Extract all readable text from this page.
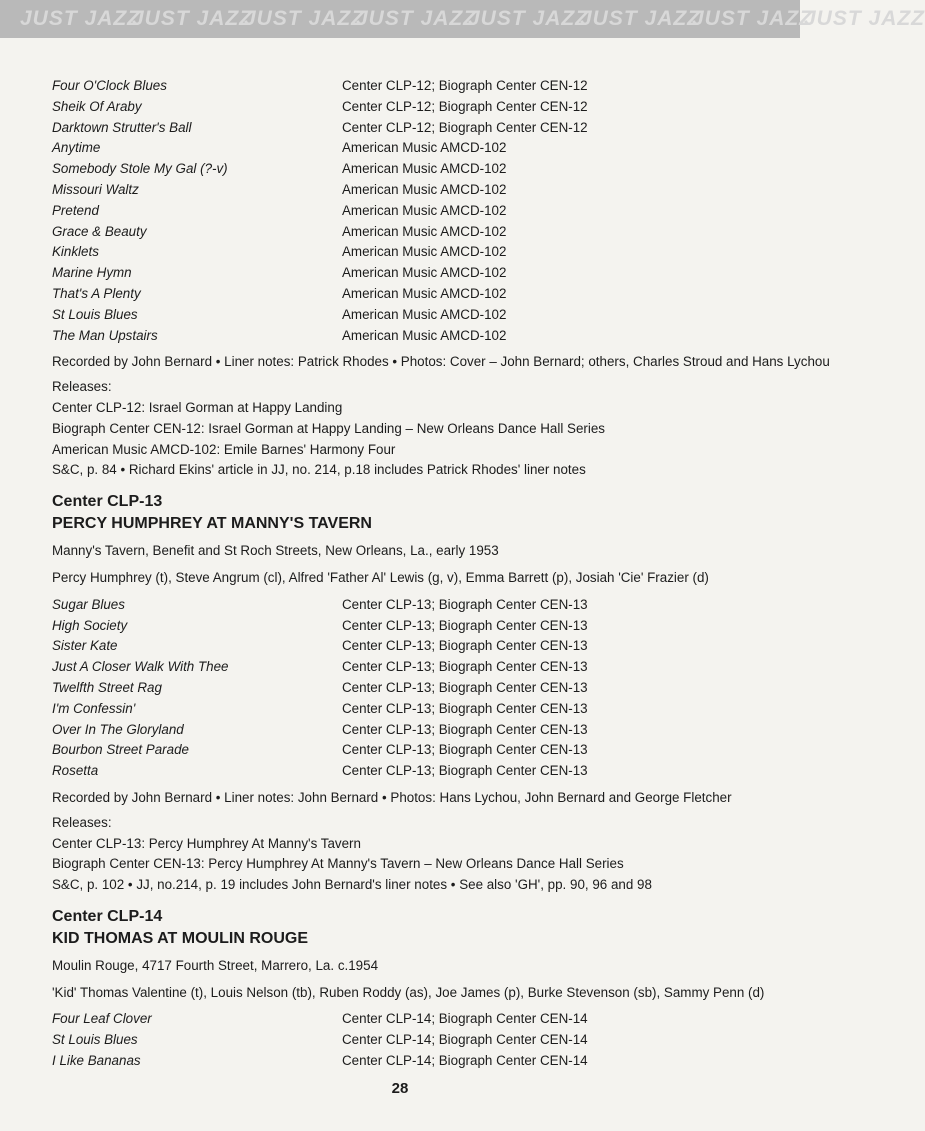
JUST JAZZJUST JAZZJUST JAZZJUST JAZZJUST JAZZJUST JAZZJUST JAZZJUST JAZZ
Four O'Clock Blues	Center CLP-12; Biograph Center CEN-12
Sheik Of Araby	Center CLP-12; Biograph Center CEN-12
Darktown Strutter's Ball	Center CLP-12; Biograph Center CEN-12
Anytime	American Music AMCD-102
Somebody Stole My Gal (?-v)	American Music AMCD-102
Missouri Waltz	American Music AMCD-102
Pretend	American Music AMCD-102
Grace & Beauty	American Music AMCD-102
Kinklets	American Music AMCD-102
Marine Hymn	American Music AMCD-102
That's A Plenty	American Music AMCD-102
St Louis Blues	American Music AMCD-102
The Man Upstairs	American Music AMCD-102
Recorded by John Bernard • Liner notes: Patrick Rhodes • Photos: Cover – John Bernard; others, Charles Stroud and Hans Lychou
Releases:
Center CLP-12: Israel Gorman at Happy Landing
Biograph Center CEN-12: Israel Gorman at Happy Landing – New Orleans Dance Hall Series
American Music AMCD-102: Emile Barnes' Harmony Four
S&C, p. 84 • Richard Ekins' article in JJ, no. 214, p.18 includes Patrick Rhodes' liner notes
Center CLP-13
PERCY HUMPHREY AT MANNY'S TAVERN
Manny's Tavern, Benefit and St Roch Streets, New Orleans, La., early 1953
Percy Humphrey (t), Steve Angrum (cl), Alfred 'Father Al' Lewis (g, v), Emma Barrett (p), Josiah 'Cie' Frazier (d)
Sugar Blues	Center CLP-13; Biograph Center CEN-13
High Society	Center CLP-13; Biograph Center CEN-13
Sister Kate	Center CLP-13; Biograph Center CEN-13
Just A Closer Walk With Thee	Center CLP-13; Biograph Center CEN-13
Twelfth Street Rag	Center CLP-13; Biograph Center CEN-13
I'm Confessin'	Center CLP-13; Biograph Center CEN-13
Over In The Gloryland	Center CLP-13; Biograph Center CEN-13
Bourbon Street Parade	Center CLP-13; Biograph Center CEN-13
Rosetta	Center CLP-13; Biograph Center CEN-13
Recorded by John Bernard • Liner notes: John Bernard • Photos: Hans Lychou, John Bernard and George Fletcher
Releases:
Center CLP-13: Percy Humphrey At Manny's Tavern
Biograph Center CEN-13: Percy Humphrey At Manny's Tavern – New Orleans Dance Hall Series
S&C, p. 102 • JJ, no.214, p. 19 includes John Bernard's liner notes • See also 'GH', pp. 90, 96 and 98
Center CLP-14
KID THOMAS AT MOULIN ROUGE
Moulin Rouge, 4717 Fourth Street, Marrero, La. c.1954
'Kid' Thomas Valentine (t), Louis Nelson (tb), Ruben Roddy (as), Joe James (p), Burke Stevenson (sb), Sammy Penn (d)
Four Leaf Clover	Center CLP-14; Biograph Center CEN-14
St Louis Blues	Center CLP-14; Biograph Center CEN-14
I Like Bananas	Center CLP-14; Biograph Center CEN-14
28
